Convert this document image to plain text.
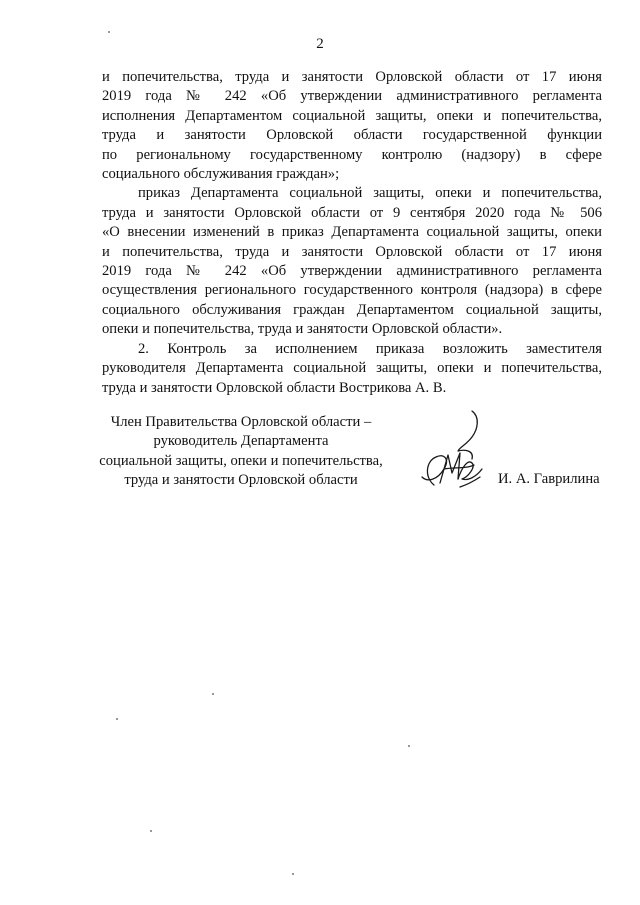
2
и попечительства, труда и занятости Орловской области от 17 июня
2019 года № 242 «Об утверждении административного регламента
исполнения Департаментом социальной защиты, опеки и попечительства,
труда и занятости Орловской области государственной функции
по региональному государственному контролю (надзору) в сфере
социального обслуживания граждан»;
приказ Департамента социальной защиты, опеки и попечительства,
труда и занятости Орловской области от 9 сентября 2020 года № 506
«О внесении изменений в приказ Департамента социальной защиты, опеки
и попечительства, труда и занятости Орловской области от 17 июня
2019 года № 242 «Об утверждении административного регламента
осуществления регионального государственного контроля (надзора) в сфере
социального обслуживания граждан Департаментом социальной защиты,
опеки и попечительства, труда и занятости Орловской области».
2. Контроль за исполнением приказа возложить заместителя
руководителя Департамента социальной защиты, опеки и попечительства,
труда и занятости Орловской области Вострикова А. В.
Член Правительства Орловской области –
руководитель Департамента
социальной защиты, опеки и попечительства,
труда и занятости Орловской области	И. А. Гаврилина
